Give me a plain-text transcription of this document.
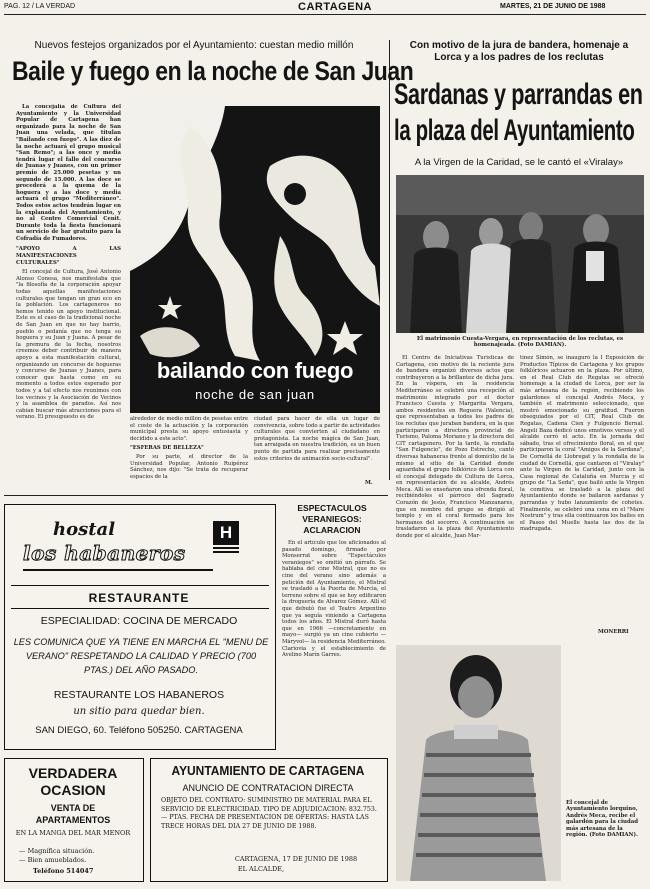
PAG. 12 / LA VERDAD	CARTAGENA	MARTES, 21 DE JUNIO DE 1988
Nuevos festejos organizados por el Ayuntamiento: cuestan medio millón
Baile y fuego en la noche de San Juan

La concejalía de Cultura del Ayuntamiento y la Universidad Popular de Cartagena han organizado para la noche de San Juan una velada, que titulan "Bailando con fuego". A las diez de la noche actuará el grupo musical "San Remo"; a las once y media tendrá lugar el fallo del concurso de Juanas y Juanes, con un primer premio de 25.000 pesetas y un segundo de 15.000. A las doce se procederá a la quema de la hoguera y a las doce y media actuará el grupo "Mediterráneo". Todos estos actos tendrán lugar en la explanada del Ayuntamiento, y no al Centro Comercial Cenit. Durante toda la fiesta funcionará un servicio de bar gratuito para la Cofradía de Fumadores.

"APOYO A LAS MANIFESTACIONES CULTURALES"

El concejal de Cultura, José Antonio Alonso Conesa, nos manifestaba que "la filosofía de la corporación apoyar todas aquellas manifestaciones culturales que tengan un gran eco en la población. Los cartageneros no hemos tenido un apoyo institucional. Este es el caso de la tradicional noche de San Juan en que no hay barrio, pueblo o pedanía que no tenga su hoguera y su Juan y Juana. A pesar de la premura de la fecha, nosotros creemos deber contribuir de manera apoyo a esta manifestación cultural, organizando un concurso de hogueras y concurso de Juanas y Juanes, para conocer que hasta como en su momento a todos estos esperado por todos y a tal efecto nos reunimos con los vecinos y la Asociación de Vecinos y la asamblea de parados. Así nos cabian buscar más atracciones para el verano. El presupuesto es de

bailando con fuego
noche de san juan

alrededor de medio millón de pesetas entre el coste de la actuación y la corporación municipal presta su apoyo entusiasta y decidido a este acto".

"ESFERAS DE BELLEZA"

Por su parte, el director de la Universidad Popular, Antonio Ruipérez Sánchez, nos dijo: "Se trata de recuperar espacios de la

ciudad para hacer de ella un lugar de convivencia, sobre todo a partir de actividades culturales que convierten al ciudadano en protagonista. La noche mágica de San Juan, tan arraigada en nuestra tradición, es un buen punto de partida para realizar precisamente estos criterios de animación socio-cultural".

M.
Con motivo de la jura de bandera, homenaje a Lorca y a los padres de los reclutas
Sardanas y parrandas en
la plaza del Ayuntamiento
A la Virgen de la Caridad, se le cantó el «Viralay»
El matrimonio Cuesta-Vergara, en representación de los reclutas, es homenajeada. (Foto DAMIAN).

El Centro de Iniciativas Turísticas de Cartagena, con motivo de la reciente jura de bandera organizó diversos actos que contribuyeron a la brillantez de dicha jura. En la víspera, en la residencia Mediterráneo se celebró una recepción al matrimonio integrado por el doctor Francisco Cuesta y Margarita Vergara, ambos residentes en Reguera (Valencia), que representaban a todos los padres de los reclutas que juraban bandera, en la que participaron a directora provincial de Turismo, Paloma Moriano y la directora del CIT cartagenero. Por la tarde, la rondalla "San Fulgencio", de Pozo Estrecho, cantó diversas habaneras frente al domicilio de la mismo al sitio de la Caridad donde aguardaba el grupo folklórico de Lorca con el concejal delegado de Cultura de Lorca, en representación de su alcalde, Andrés Meca. Allí se enseñaron una ofrenda floral, recibiéndoles el párroco del Sagrado Corazón de Jesús, Francisco Manzanares, que en nombre del grupo se dirigió al templo y en el coral formado para los hermanos del socorro. A continuación se trasladaron a la plaza del Ayuntamiento donde por el alcalde, Juan Mar-

tínez Simón, se inauguró la I Exposición de Productos Típicos de Cartagena y los grupos folklóricos actuaron en la plaza. Por último, en el Real Club de Regatas se ofreció homenaje a la ciudad de Lorca, por ser la más artesana de la región, recibiendo los galardones el concejal Andrés Meca, y también el matrimonio seleccionado, que mostró emocionado su gratitud. Fueron obsequiados por el CIT, Real Club de Regatas, Cadena Cien y Fulgencio Bernal. Angeli Baza dedicó unos emotivos versos y el alcalde cerró el acto. En la jornada del sábado, tras el ofrecimiento floral, en el que participaron la coral "Amigos de la Sardana", De Cornellá de Llobregat y la rondalla de la ciudad de Cornellá, que cantaron el "Viralay" ante la Virgen de la Caridad, junto con la Casa regional de Cataluña en Murcia y el grupo de "La Seda", que bailó ante la Virgen la comitiva se trasladó a la plaza del Ayuntamiento donde se bailaron sardanas y parrandas y hubo lanzamiento de cohetes. Finalmente, se celebró una cena en el "Mare Nostrum" y tras ella continuaron los bailes en el Paseo del Muelle hasta las dos de la madrugada.

MONERRI
El concejal de Ayuntamiento lorquino, Andrés Meca, recibe el galardón para la ciudad más artesana de la región. (Foto DAMIAN).
ESPECTACULOS
VERANIEGOS:
ACLARACION

En el artículo que los aficionados al pasado domingo, firmado por Monserrat sobre "Espectáculos veraniegos" se omitió un párrafo. Se hablaba del cine Mistral, que no es cine del verano sino además a petición del Ayuntamiento, el Mistral se trasladó a la Puerta de Murcia, el terreno sobre el que se hoy edificaron la droguería de Alvarez Gómez. Allí el que debutó fue el Teatro Argentino que ya seguía viniendo a Cartagena todos los años. El Mistral duró hasta que en 1966 —concretamente en mayo— surgió ya un cine cubierto —Máryvol— la residencia Mediterráneo. Clariovia y el establecimiento de Avelino Marín Garres.

hostal
los habaneros
H
RESTAURANTE
ESPECIALIDAD: COCINA DE MERCADO
LES COMUNICA QUE YA TIENE EN MARCHA EL "MENU DE VERANO" RESPETANDO LA CALIDAD Y PRECIO (700 PTAS.) DEL AÑO PASADO.
RESTAURANTE LOS HABANEROS
un sitio para quedar bien.
SAN DIEGO, 60. Teléfono 505250. CARTAGENA
VERDADERA
OCASION
VENTA DE
APARTAMENTOS
EN LA MANGA DEL MAR MENOR
— Magnífica situación.
— Bien amueblados.
Teléfono 514047
AYUNTAMIENTO DE CARTAGENA
ANUNCIO DE CONTRATACION DIRECTA
OBJETO DEL CONTRATO: SUMINISTRO DE MATERIAL PARA EL SERVICIO DE ELECTRICIDAD. TIPO DE ADJUDICACION: 832.753.— PTAS. FECHA DE PRESENTACION DE OFERTAS: HASTA LAS TRECE HORAS DEL DIA 27 DE JUNIO DE 1988.
CARTAGENA, 17 DE JUNIO DE 1988
EL ALCALDE,
